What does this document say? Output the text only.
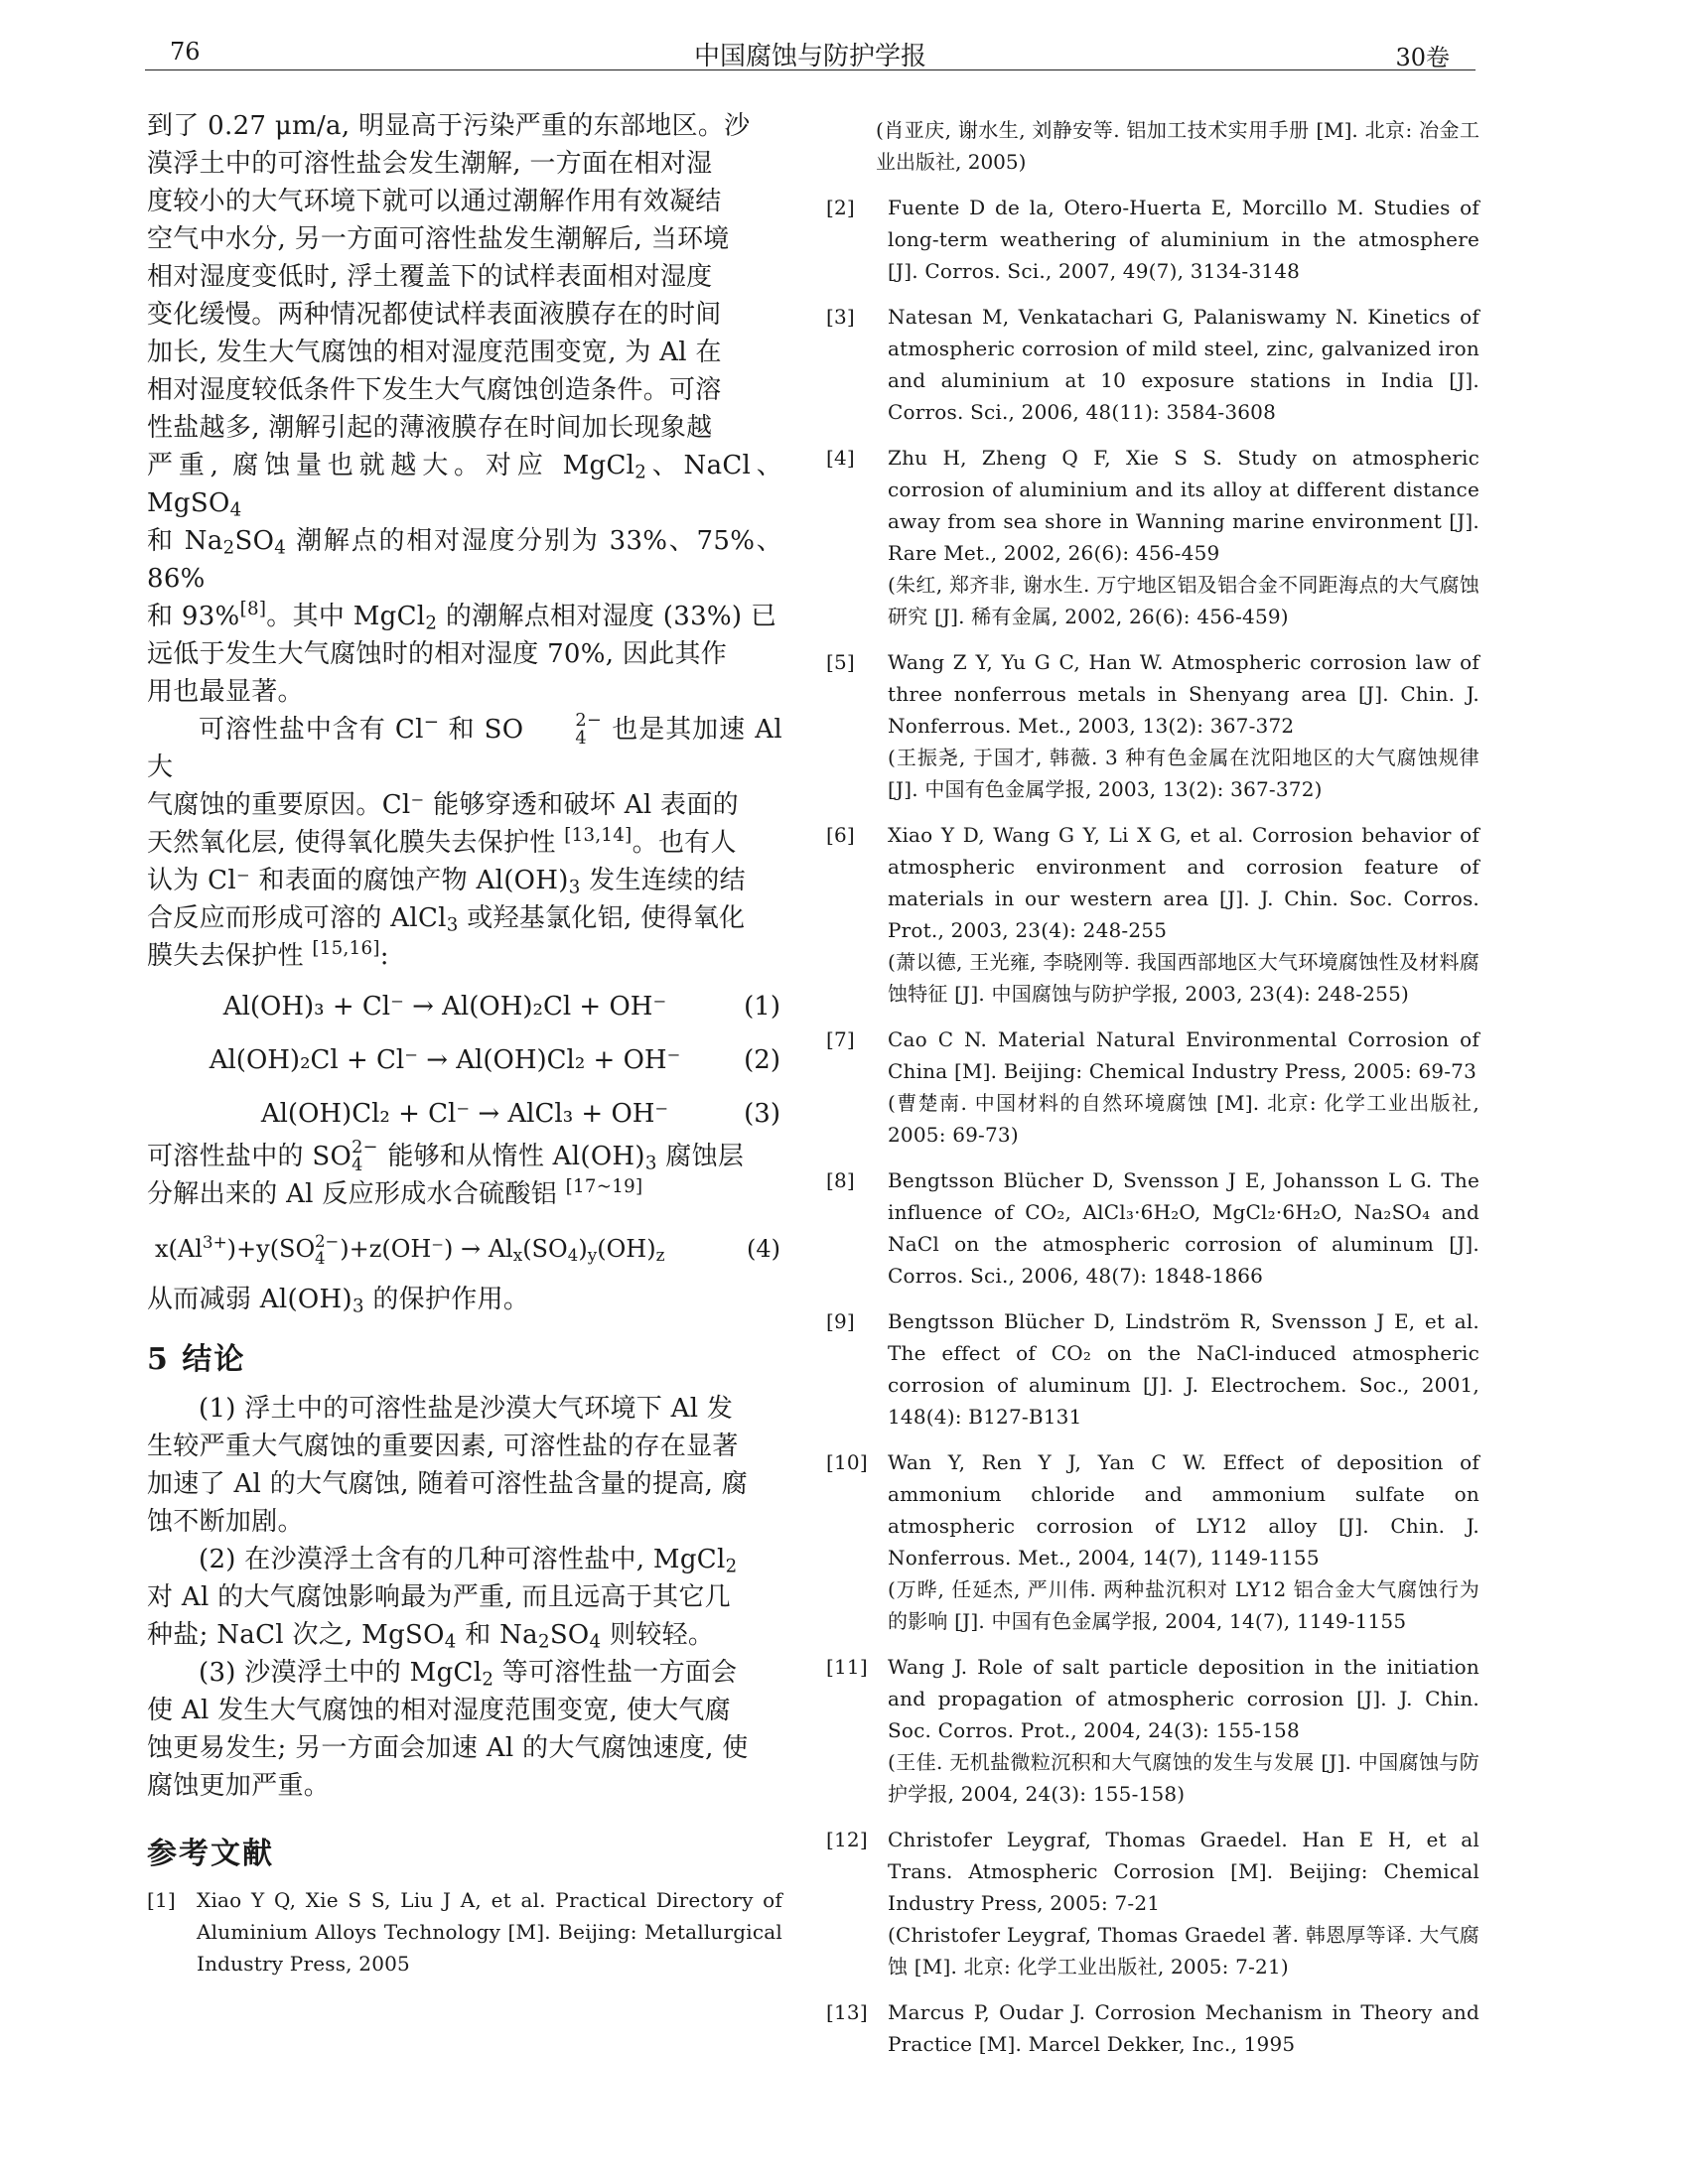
76	中国腐蚀与防护学报	30卷

到了 0.27 μm/a, 明显高于污染严重的东部地区。沙

漠浮土中的可溶性盐会发生潮解, 一方面在相对湿

度较小的大气环境下就可以通过潮解作用有效凝结

空气中水分, 另一方面可溶性盐发生潮解后, 当环境

相对湿度变低时, 浮土覆盖下的试样表面相对湿度

变化缓慢。两种情况都使试样表面液膜存在的时间

加长, 发生大气腐蚀的相对湿度范围变宽, 为 Al 在

相对湿度较低条件下发生大气腐蚀创造条件。可溶

性盐越多, 潮解引起的薄液膜存在时间加长现象越

严重, 腐蚀量也就越大。对应 MgCl$_2$、NaCl、MgSO$_4$

和 $Na_2SO_4$ 潮解点的相对湿度分别为 33%、75%、86%

和 93%[8]。其中 MgCl$_2$ 的潮解点相对湿度 (33%) 已

远低于发生大气腐蚀时的相对湿度 70%, 因此其作

用也最显著。

可溶性盐中含有 Cl− 和 SO	2−
4 也是其加速 Al 大

气腐蚀的重要原因。Cl⁻ 能够穿透和破坏 Al 表面的

天然氧化层, 使得氧化膜失去保护性 [13,14]。也有人

认为 Cl⁻ 和表面的腐蚀产物 $Al(OH)_3$ 发生连续的结

合反应而形成可溶的 AlCl$_3$ 或羟基氯化铝, 使得氧化

膜失去保护性 [15,16]:

Al(OH)₃ + Cl⁻ → Al(OH)₂Cl + OH⁻	(1)
Al(OH)₂Cl + Cl⁻ → Al(OH)Cl₂ + OH⁻	(2)
Al(OH)Cl₂ + Cl⁻ → AlCl₃ + OH⁻	(3)

可溶性盐中的 SO 2−
4 能够和从惰性 $Al(OH)_3$ 腐蚀层

分解出来的 Al 反应形成水合硫酸铝 [17~19]

$x(Al^{3+})+y(SO$ 2−
4 )$+z(OH^-) \to Al_x(SO_4)_y(OH)_z$	(4)

从而减弱 $Al(OH)_3$ 的保护作用。

5 结论

(1) 浮土中的可溶性盐是沙漠大气环境下 Al 发

生较严重大气腐蚀的重要因素, 可溶性盐的存在显著

加速了 Al 的大气腐蚀, 随着可溶性盐含量的提高, 腐

蚀不断加剧。

(2) 在沙漠浮土含有的几种可溶性盐中, MgCl$_2$

对 Al 的大气腐蚀影响最为严重, 而且远高于其它几

种盐; NaCl 次之, MgSO$_4$ 和 $Na_2SO_4$ 则较轻。

(3) 沙漠浮土中的 MgCl$_2$ 等可溶性盐一方面会

使 Al 发生大气腐蚀的相对湿度范围变宽, 使大气腐

蚀更易发生; 另一方面会加速 Al 的大气腐蚀速度, 使

腐蚀更加严重。

参考文献

[1] Xiao Y Q, Xie S S, Liu J A, et al. Practical Directory of Aluminium Alloys Technology [M]. Beijing: Metallurgical Industry Press, 2005

(肖亚庆, 谢水生, 刘静安等. 铝加工技术实用手册 [M]. 北京: 冶金工业出版社, 2005)

[2] Fuente D de la, Otero-Huerta E, Morcillo M. Studies of long-term weathering of aluminium in the atmosphere [J]. Corros. Sci., 2007, 49(7), 3134-3148

[3] Natesan M, Venkatachari G, Palaniswamy N. Kinetics of atmospheric corrosion of mild steel, zinc, galvanized iron and aluminium at 10 exposure stations in India [J]. Corros. Sci., 2006, 48(11): 3584-3608

[4] Zhu H, Zheng Q F, Xie S S. Study on atmospheric corrosion of aluminium and its alloy at different distance away from sea shore in Wanning marine environment [J]. Rare Met., 2002, 26(6): 456-459
(朱红, 郑齐非, 谢水生. 万宁地区铝及铝合金不同距海点的大气腐蚀研究 [J]. 稀有金属, 2002, 26(6): 456-459)

[5] Wang Z Y, Yu G C, Han W. Atmospheric corrosion law of three nonferrous metals in Shenyang area [J]. Chin. J. Nonferrous. Met., 2003, 13(2): 367-372
(王振尧, 于国才, 韩薇. 3 种有色金属在沈阳地区的大气腐蚀规律 [J]. 中国有色金属学报, 2003, 13(2): 367-372)

[6] Xiao Y D, Wang G Y, Li X G, et al. Corrosion behavior of atmospheric environment and corrosion feature of materials in our western area [J]. J. Chin. Soc. Corros. Prot., 2003, 23(4): 248-255
(萧以德, 王光雍, 李晓刚等. 我国西部地区大气环境腐蚀性及材料腐蚀特征 [J]. 中国腐蚀与防护学报, 2003, 23(4): 248-255)

[7] Cao C N. Material Natural Environmental Corrosion of China [M]. Beijing: Chemical Industry Press, 2005: 69-73
(曹楚南. 中国材料的自然环境腐蚀 [M]. 北京: 化学工业出版社, 2005: 69-73)

[8] Bengtsson Blücher D, Svensson J E, Johansson L G. The influence of CO₂, AlCl₃·6H₂O, MgCl₂·6H₂O, Na₂SO₄ and NaCl on the atmospheric corrosion of aluminum [J]. Corros. Sci., 2006, 48(7): 1848-1866

[9] Bengtsson Blücher D, Lindström R, Svensson J E, et al. The effect of CO₂ on the NaCl-induced atmospheric corrosion of aluminum [J]. J. Electrochem. Soc., 2001, 148(4): B127-B131

[10] Wan Y, Ren Y J, Yan C W. Effect of deposition of ammonium chloride and ammonium sulfate on atmospheric corrosion of LY12 alloy [J]. Chin. J. Nonferrous. Met., 2004, 14(7), 1149-1155
(万晔, 任延杰, 严川伟. 两种盐沉积对 LY12 铝合金大气腐蚀行为的影响 [J]. 中国有色金属学报, 2004, 14(7), 1149-1155

[11] Wang J. Role of salt particle deposition in the initiation and propagation of atmospheric corrosion [J]. J. Chin. Soc. Corros. Prot., 2004, 24(3): 155-158
(王佳. 无机盐微粒沉积和大气腐蚀的发生与发展 [J]. 中国腐蚀与防护学报, 2004, 24(3): 155-158)

[12] Christofer Leygraf, Thomas Graedel. Han E H, et al Trans. Atmospheric Corrosion [M]. Beijing: Chemical Industry Press, 2005: 7-21
(Christofer Leygraf, Thomas Graedel 著. 韩恩厚等译. 大气腐蚀 [M]. 北京: 化学工业出版社, 2005: 7-21)

[13] Marcus P, Oudar J. Corrosion Mechanism in Theory and Practice [M]. Marcel Dekker, Inc., 1995
